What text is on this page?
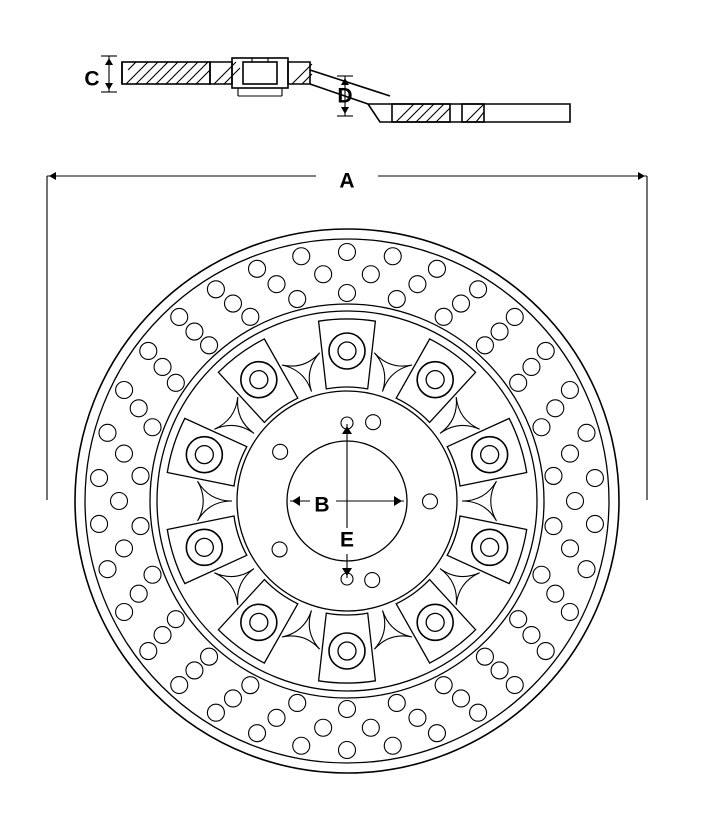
C
D
A
B
E
